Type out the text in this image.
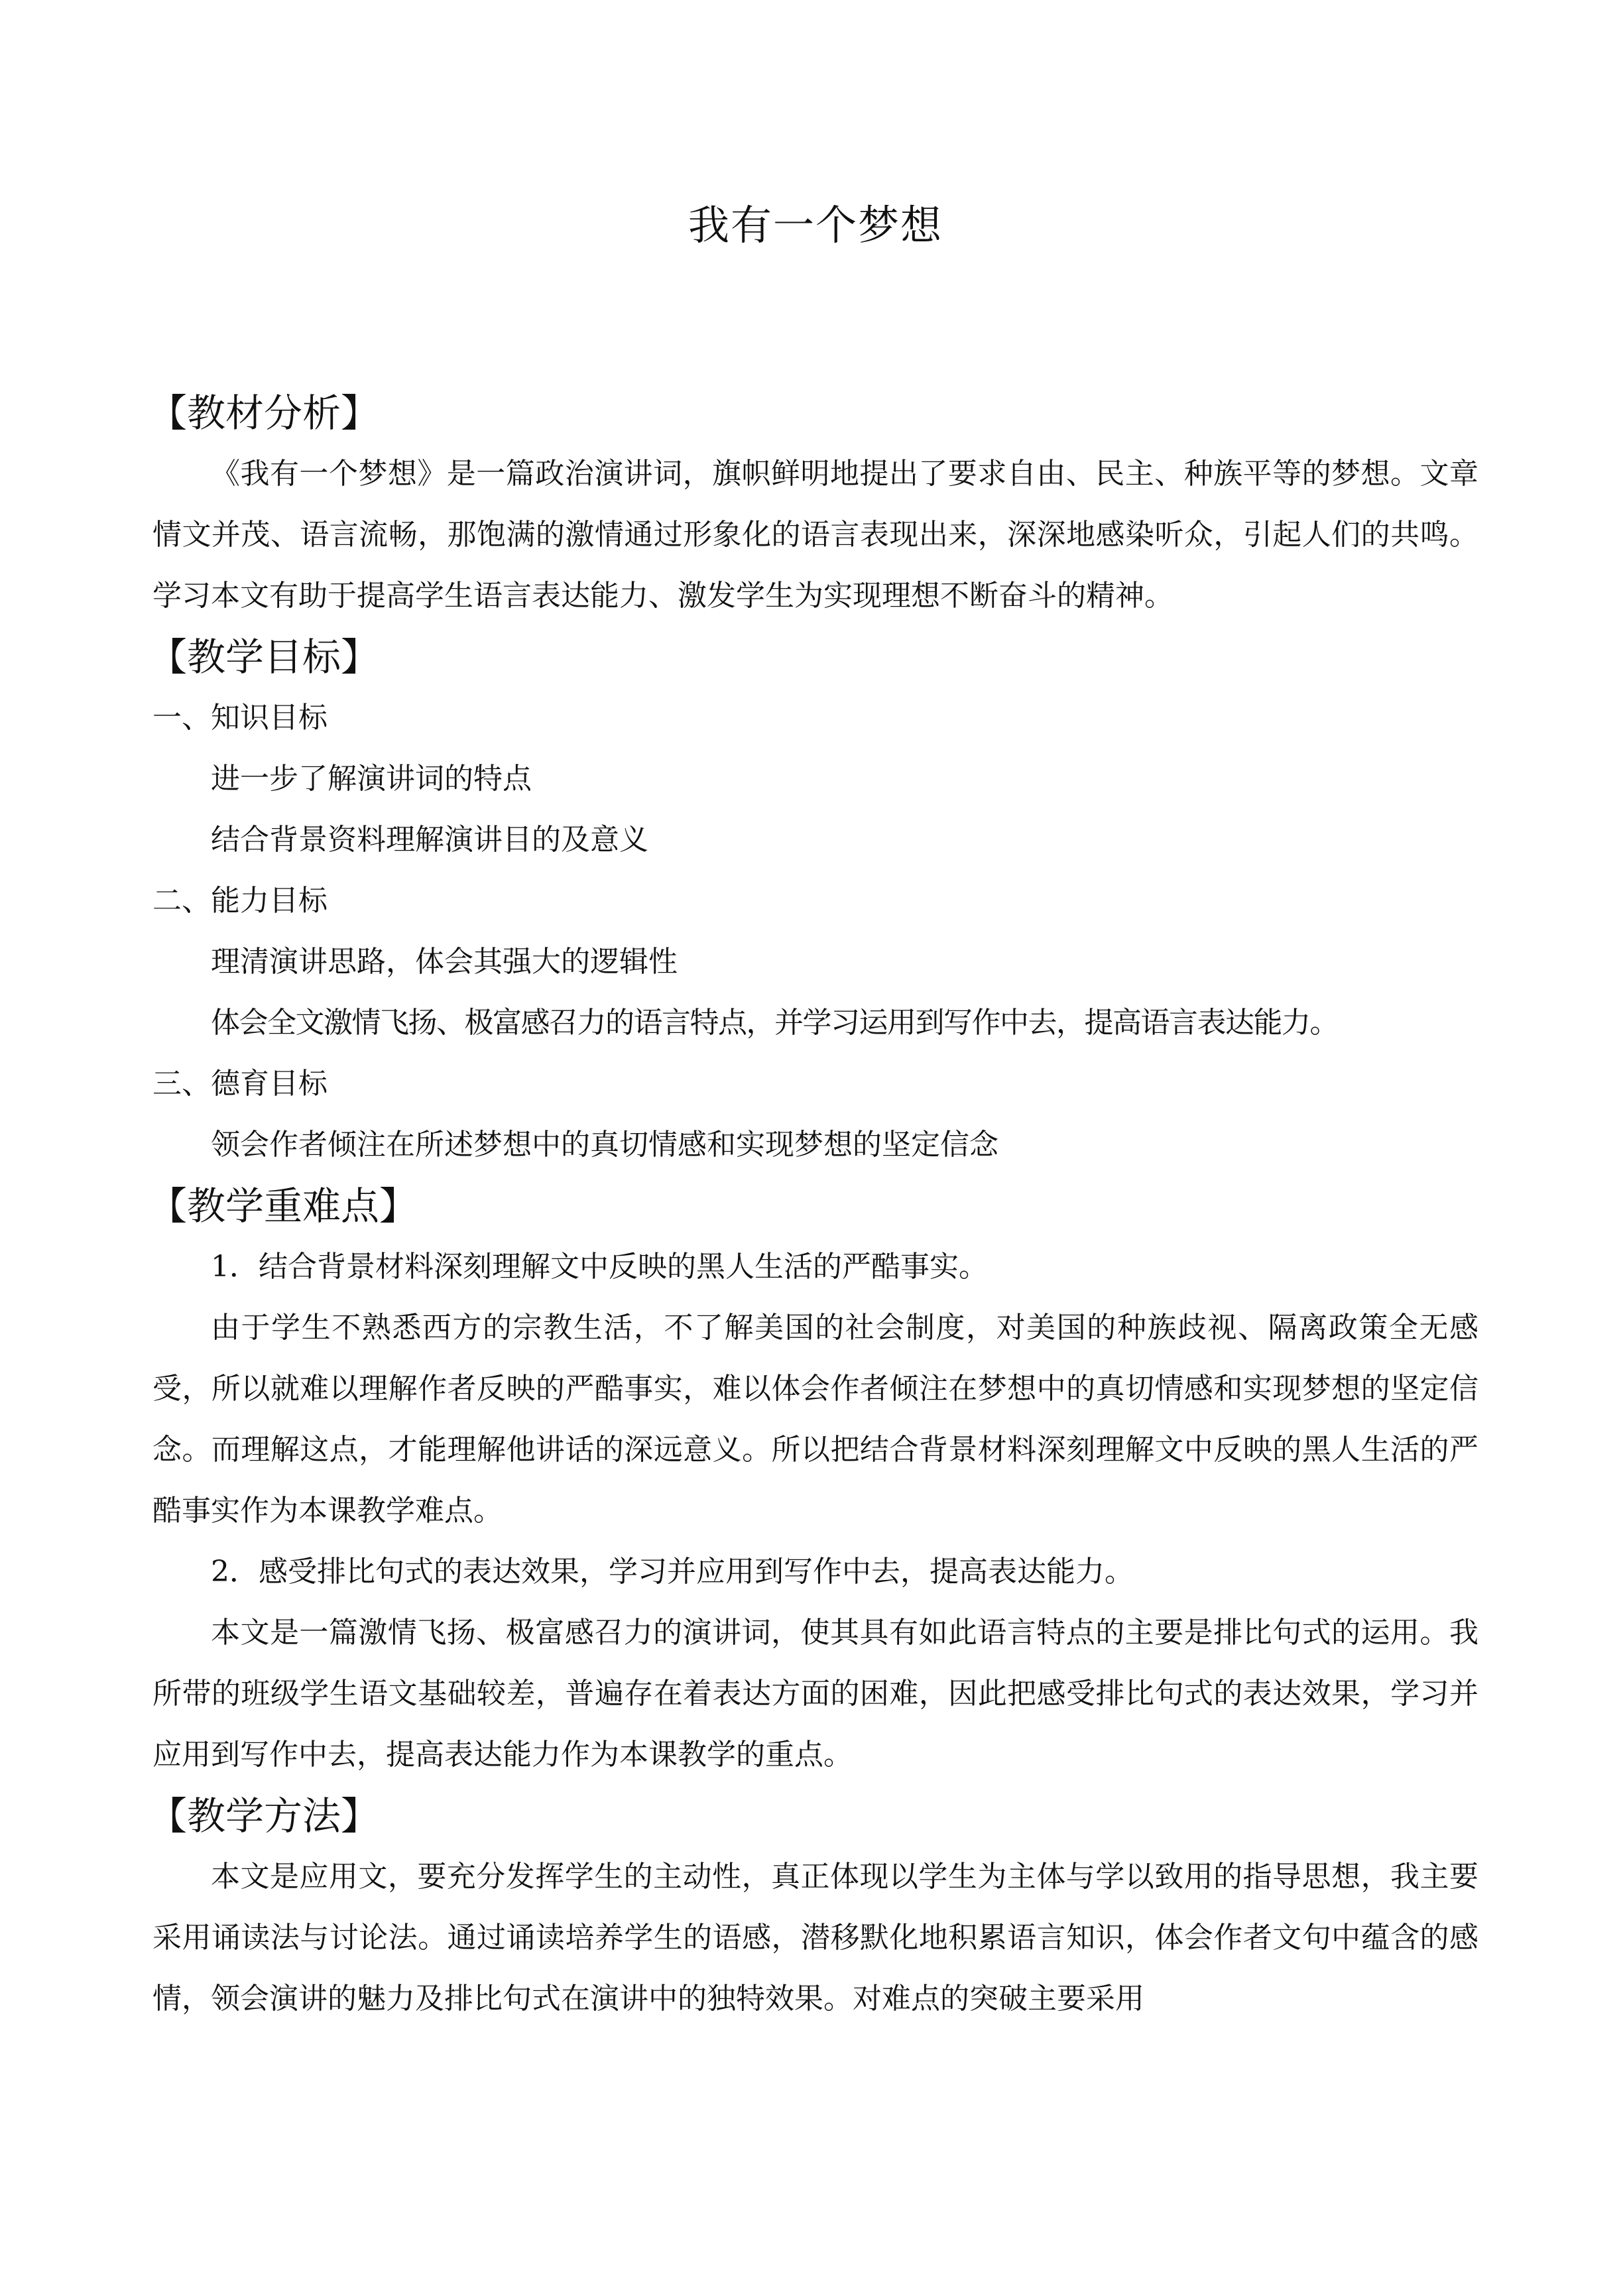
我有一个梦想
【教材分析】
《我有一个梦想》是一篇政治演讲词，旗帜鲜明地提出了要求自由、民主、种族平等的梦想。文章情文并茂、语言流畅，那饱满的激情通过形象化的语言表现出来，深深地感染听众，引起人们的共鸣。学习本文有助于提高学生语言表达能力、激发学生为实现理想不断奋斗的精神。
【教学目标】
一、知识目标
进一步了解演讲词的特点
结合背景资料理解演讲目的及意义
二、能力目标
理清演讲思路，体会其强大的逻辑性
体会全文激情飞扬、极富感召力的语言特点，并学习运用到写作中去，提高语言表达能力。
三、德育目标
领会作者倾注在所述梦想中的真切情感和实现梦想的坚定信念
【教学重难点】
1．结合背景材料深刻理解文中反映的黑人生活的严酷事实。
由于学生不熟悉西方的宗教生活，不了解美国的社会制度，对美国的种族歧视、隔离政策全无感受，所以就难以理解作者反映的严酷事实，难以体会作者倾注在梦想中的真切情感和实现梦想的坚定信念。而理解这点，才能理解他讲话的深远意义。所以把结合背景材料深刻理解文中反映的黑人生活的严酷事实作为本课教学难点。
2．感受排比句式的表达效果，学习并应用到写作中去，提高表达能力。
本文是一篇激情飞扬、极富感召力的演讲词，使其具有如此语言特点的主要是排比句式的运用。我所带的班级学生语文基础较差，普遍存在着表达方面的困难，因此把感受排比句式的表达效果，学习并应用到写作中去，提高表达能力作为本课教学的重点。
【教学方法】
本文是应用文，要充分发挥学生的主动性，真正体现以学生为主体与学以致用的指导思想，我主要采用诵读法与讨论法。通过诵读培养学生的语感，潜移默化地积累语言知识，体会作者文句中蕴含的感情，领会演讲的魅力及排比句式在演讲中的独特效果。对难点的突破主要采用
